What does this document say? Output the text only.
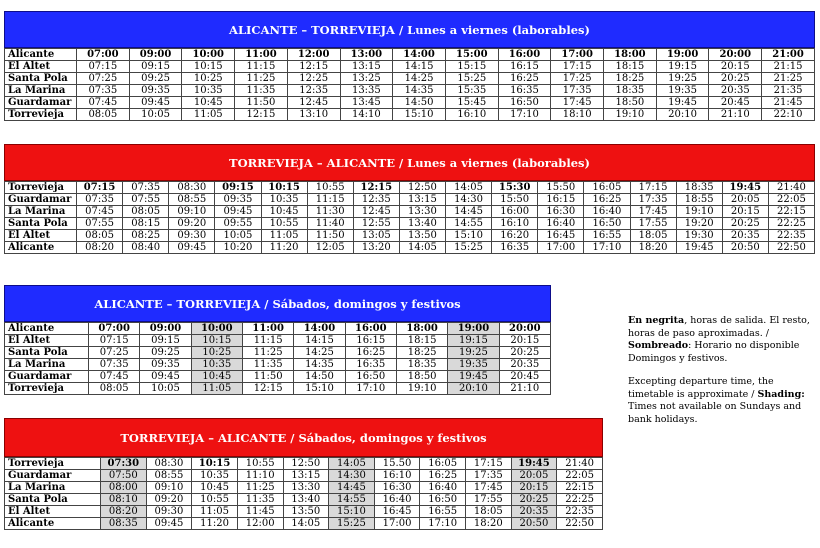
ALICANTE – TORREVIEJA / Lunes a viernes (laborables)
Alicante	07:00	09:00	10:00	11:00	12:00	13:00	14:00	15:00	16:00	17:00	18:00	19:00	20:00	21:00
El Altet	07:15	09:15	10:15	11:15	12:15	13:15	14:15	15:15	16:15	17:15	18:15	19:15	20:15	21:15
Santa Pola	07:25	09:25	10:25	11:25	12:25	13:25	14:25	15:25	16:25	17:25	18:25	19:25	20:25	21:25
La Marina	07:35	09:35	10:35	11:35	12:35	13:35	14:35	15:35	16:35	17:35	18:35	19:35	20:35	21:35
Guardamar	07:45	09:45	10:45	11:50	12:45	13:45	14:50	15:45	16:50	17:45	18:50	19:45	20:45	21:45
Torrevieja	08:05	10:05	11:05	12:15	13:10	14:10	15:10	16:10	17:10	18:10	19:10	20:10	21:10	22:10
TORREVIEJA – ALICANTE / Lunes a viernes (laborables)
Torrevieja	07:15	07:35	08:30	09:15	10:15	10:55	12:15	12:50	14:05	15:30	15:50	16:05	17:15	18:35	19:45	21:40
Guardamar	07:35	07:55	08:55	09:35	10:35	11:15	12:35	13:15	14:30	15:50	16:15	16:25	17:35	18:55	20:05	22:05
La Marina	07:45	08:05	09:10	09:45	10:45	11:30	12:45	13:30	14:45	16:00	16:30	16:40	17:45	19:10	20:15	22:15
Santa Pola	07:55	08:15	09:20	09:55	10:55	11:40	12:55	13:40	14:55	16:10	16:40	16:50	17:55	19:20	20:25	22:25
El Altet	08:05	08:25	09:30	10:05	11:05	11:50	13:05	13:50	15:10	16:20	16:45	16:55	18:05	19:30	20:35	22:35
Alicante	08:20	08:40	09:45	10:20	11:20	12:05	13:20	14:05	15:25	16:35	17:00	17:10	18:20	19:45	20:50	22:50
ALICANTE – TORREVIEJA / Sábados, domingos y festivos
Alicante	07:00	09:00	10:00	11:00	14:00	16:00	18:00	19:00	20:00
El Altet	07:15	09:15	10:15	11:15	14:15	16:15	18:15	19:15	20:15
Santa Pola	07:25	09:25	10:25	11:25	14:25	16:25	18:25	19:25	20:25
La Marina	07:35	09:35	10:35	11:35	14:35	16:35	18:35	19:35	20:35
Guardamar	07:45	09:45	10:45	11:50	14:50	16:50	18:50	19:45	20:45
Torrevieja	08:05	10:05	11:05	12:15	15:10	17:10	19:10	20:10	21:10
TORREVIEJA – ALICANTE / Sábados, domingos y festivos
Torrevieja	07:30	08:30	10:15	10:55	12:50	14:05	15.50	16:05	17:15	19:45	21:40
Guardamar	07:50	08:55	10:35	11:10	13:15	14:30	16:10	16:25	17:35	20:05	22:05
La Marina	08:00	09:10	10:45	11:25	13:30	14:45	16:30	16:40	17:45	20:15	22:15
Santa Pola	08:10	09:20	10:55	11:35	13:40	14:55	16:40	16:50	17:55	20:25	22:25
El Altet	08:20	09:30	11:05	11:45	13:50	15:10	16:45	16:55	18:05	20:35	22:35
Alicante	08:35	09:45	11:20	12:00	14:05	15:25	17:00	17:10	18:20	20:50	22:50
En negrita, horas de salida. El resto, horas de paso aproximadas. / Sombreado: Horario no disponible Domingos y festivos.
Excepting departure time, the timetable is approximate / Shading: Times not available on Sundays and bank holidays.
